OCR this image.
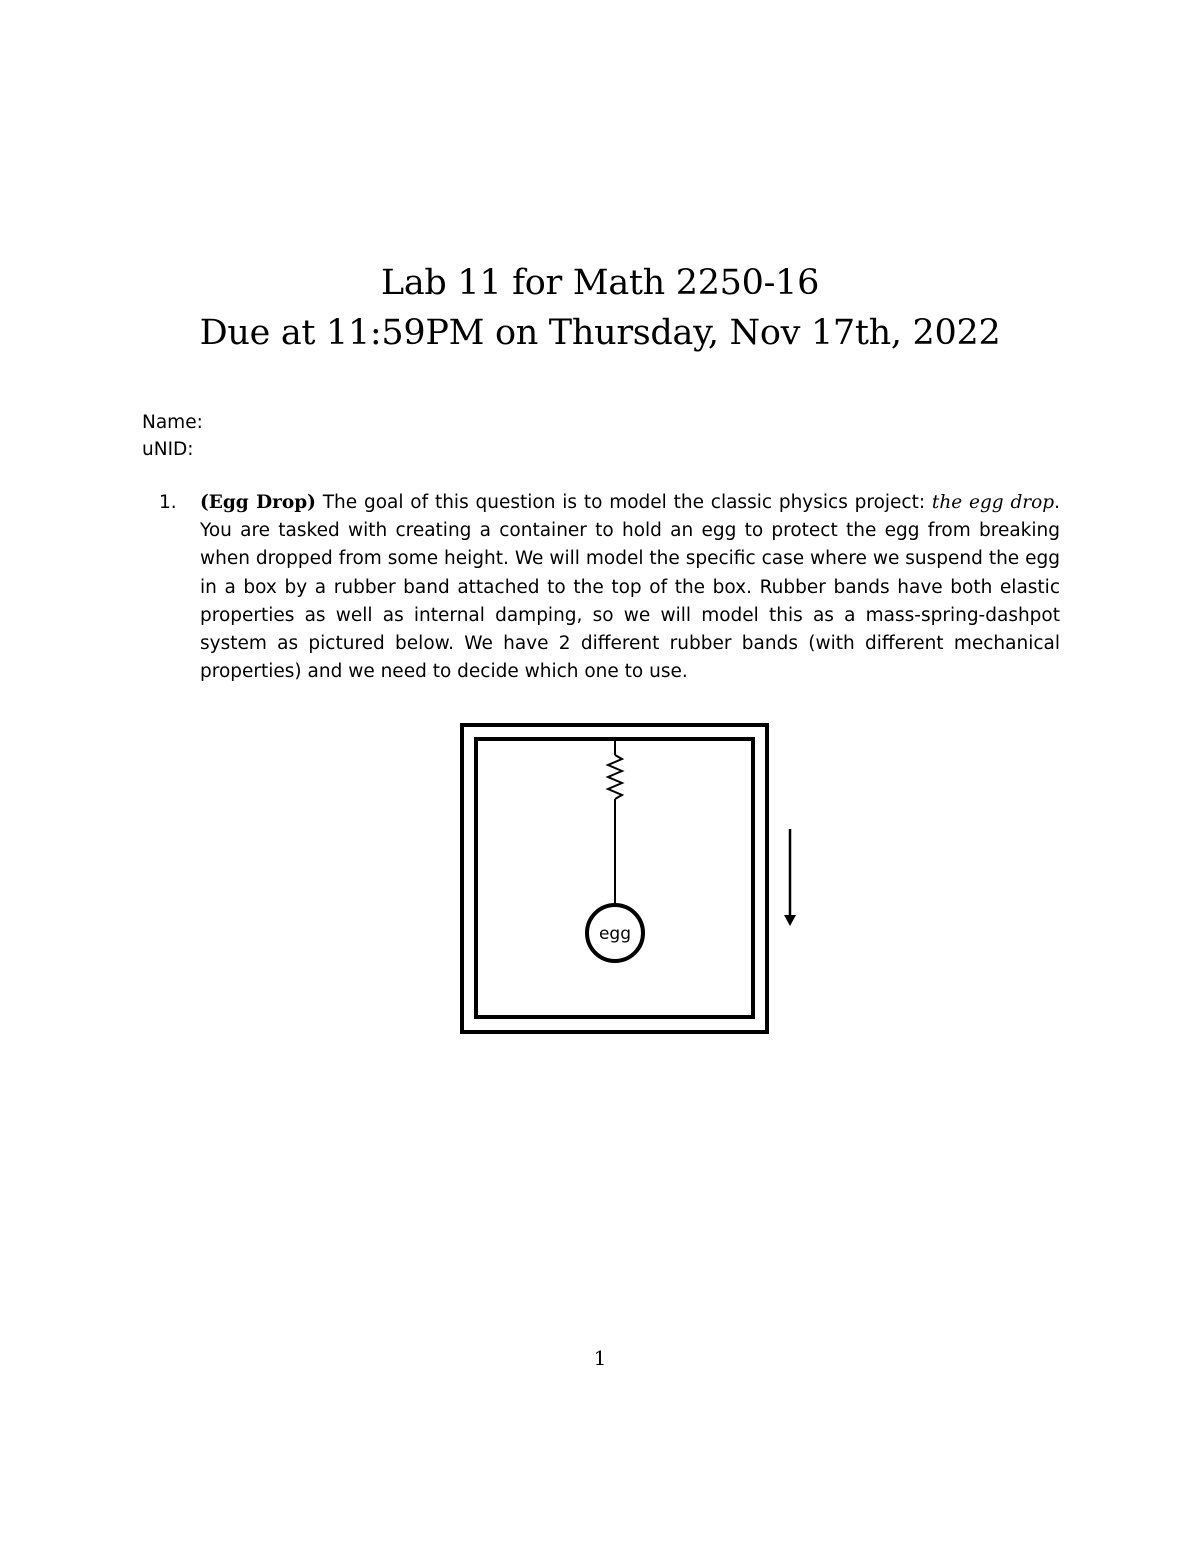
Lab 11 for Math 2250-16
Due at 11:59PM on Thursday, Nov 17th, 2022
Name:
uNID:
1. (Egg Drop) The goal of this question is to model the classic physics project: the egg drop. You are tasked with creating a container to hold an egg to protect the egg from breaking when dropped from some height. We will model the specific case where we suspend the egg in a box by a rubber band attached to the top of the box. Rubber bands have both elastic properties as well as internal damping, so we will model this as a mass-spring-dashpot system as pictured below. We have 2 different rubber bands (with different mechanical properties) and we need to decide which one to use.
egg
1
